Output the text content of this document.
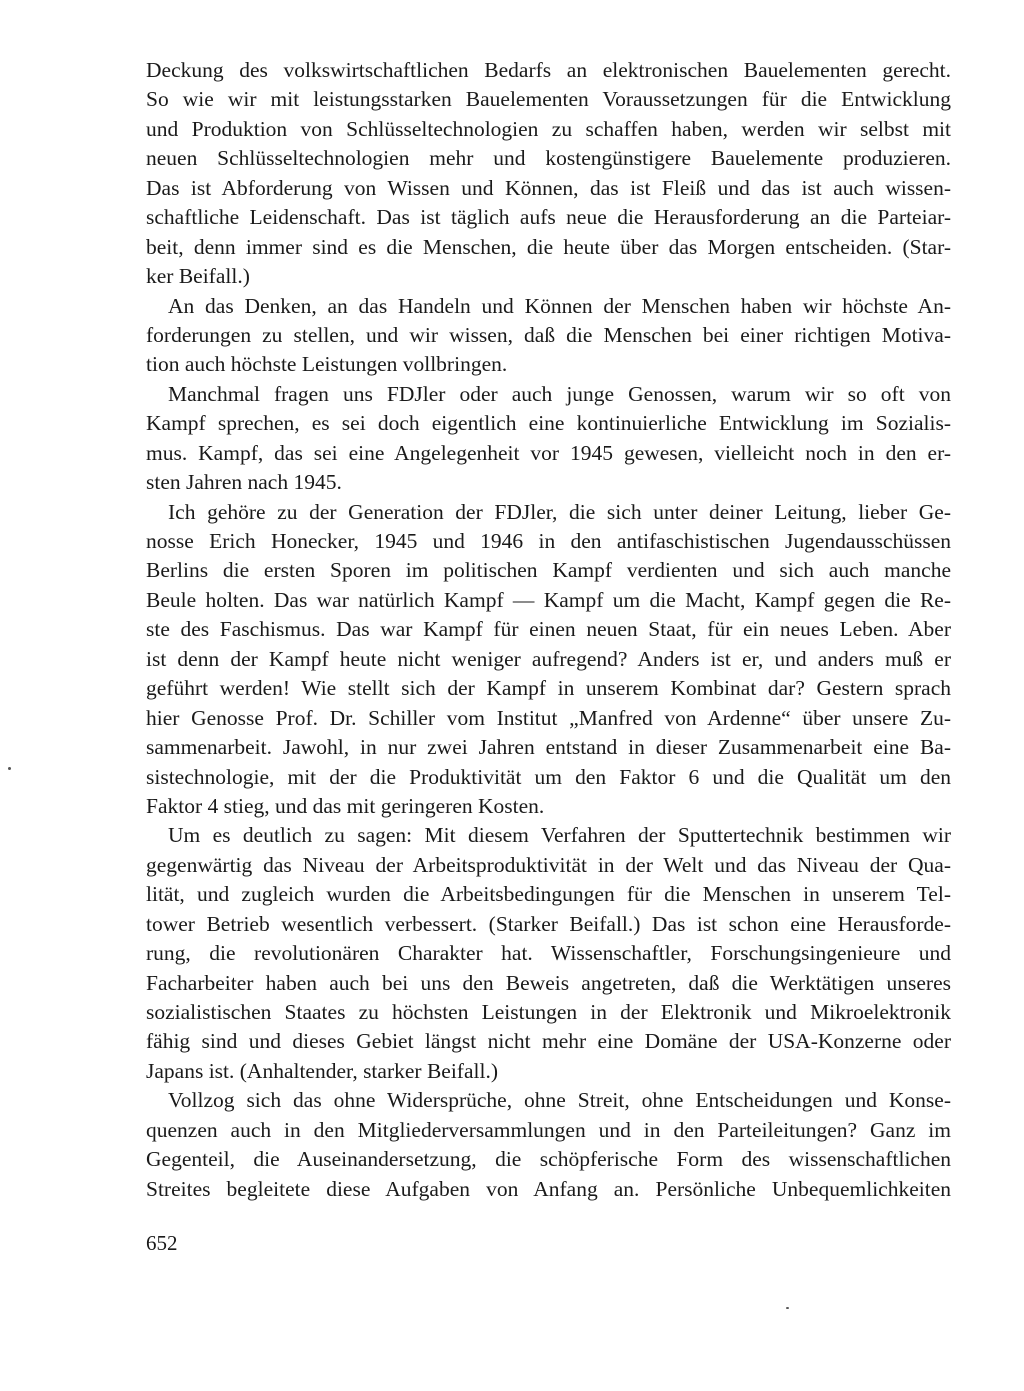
Deckung des volkswirtschaftlichen Bedarfs an elektronischen Bauelementen gerecht.
So wie wir mit leistungsstarken Bauelementen Voraussetzungen für die Entwicklung
und Produktion von Schlüsseltechnologien zu schaffen haben, werden wir selbst mit
neuen Schlüsseltechnologien mehr und kostengünstigere Bauelemente produzieren.
Das ist Abforderung von Wissen und Können, das ist Fleiß und das ist auch wissen-
schaftliche Leidenschaft. Das ist täglich aufs neue die Herausforderung an die Parteiar-
beit, denn immer sind es die Menschen, die heute über das Morgen entscheiden. (Star-
ker Beifall.)
An das Denken, an das Handeln und Können der Menschen haben wir höchste An-
forderungen zu stellen, und wir wissen, daß die Menschen bei einer richtigen Motiva-
tion auch höchste Leistungen vollbringen.
Manchmal fragen uns FDJler oder auch junge Genossen, warum wir so oft von
Kampf sprechen, es sei doch eigentlich eine kontinuierliche Entwicklung im Sozialis-
mus. Kampf, das sei eine Angelegenheit vor 1945 gewesen, vielleicht noch in den er-
sten Jahren nach 1945.
Ich gehöre zu der Generation der FDJler, die sich unter deiner Leitung, lieber Ge-
nosse Erich Honecker, 1945 und 1946 in den antifaschistischen Jugendausschüssen
Berlins die ersten Sporen im politischen Kampf verdienten und sich auch manche
Beule holten. Das war natürlich Kampf — Kampf um die Macht, Kampf gegen die Re-
ste des Faschismus. Das war Kampf für einen neuen Staat, für ein neues Leben. Aber
ist denn der Kampf heute nicht weniger aufregend? Anders ist er, und anders muß er
geführt werden! Wie stellt sich der Kampf in unserem Kombinat dar? Gestern sprach
hier Genosse Prof. Dr. Schiller vom Institut „Manfred von Ardenne“ über unsere Zu-
sammenarbeit. Jawohl, in nur zwei Jahren entstand in dieser Zusammenarbeit eine Ba-
sistechnologie, mit der die Produktivität um den Faktor 6 und die Qualität um den
Faktor 4 stieg, und das mit geringeren Kosten.
Um es deutlich zu sagen: Mit diesem Verfahren der Sputtertechnik bestimmen wir
gegenwärtig das Niveau der Arbeitsproduktivität in der Welt und das Niveau der Qua-
lität, und zugleich wurden die Arbeitsbedingungen für die Menschen in unserem Tel-
tower Betrieb wesentlich verbessert. (Starker Beifall.) Das ist schon eine Herausforde-
rung, die revolutionären Charakter hat. Wissenschaftler, Forschungsingenieure und
Facharbeiter haben auch bei uns den Beweis angetreten, daß die Werktätigen unseres
sozialistischen Staates zu höchsten Leistungen in der Elektronik und Mikroelektronik
fähig sind und dieses Gebiet längst nicht mehr eine Domäne der USA-Konzerne oder
Japans ist. (Anhaltender, starker Beifall.)
Vollzog sich das ohne Widersprüche, ohne Streit, ohne Entscheidungen und Konse-
quenzen auch in den Mitgliederversammlungen und in den Parteileitungen? Ganz im
Gegenteil, die Auseinandersetzung, die schöpferische Form des wissenschaftlichen
Streites begleitete diese Aufgaben von Anfang an. Persönliche Unbequemlichkeiten
652
